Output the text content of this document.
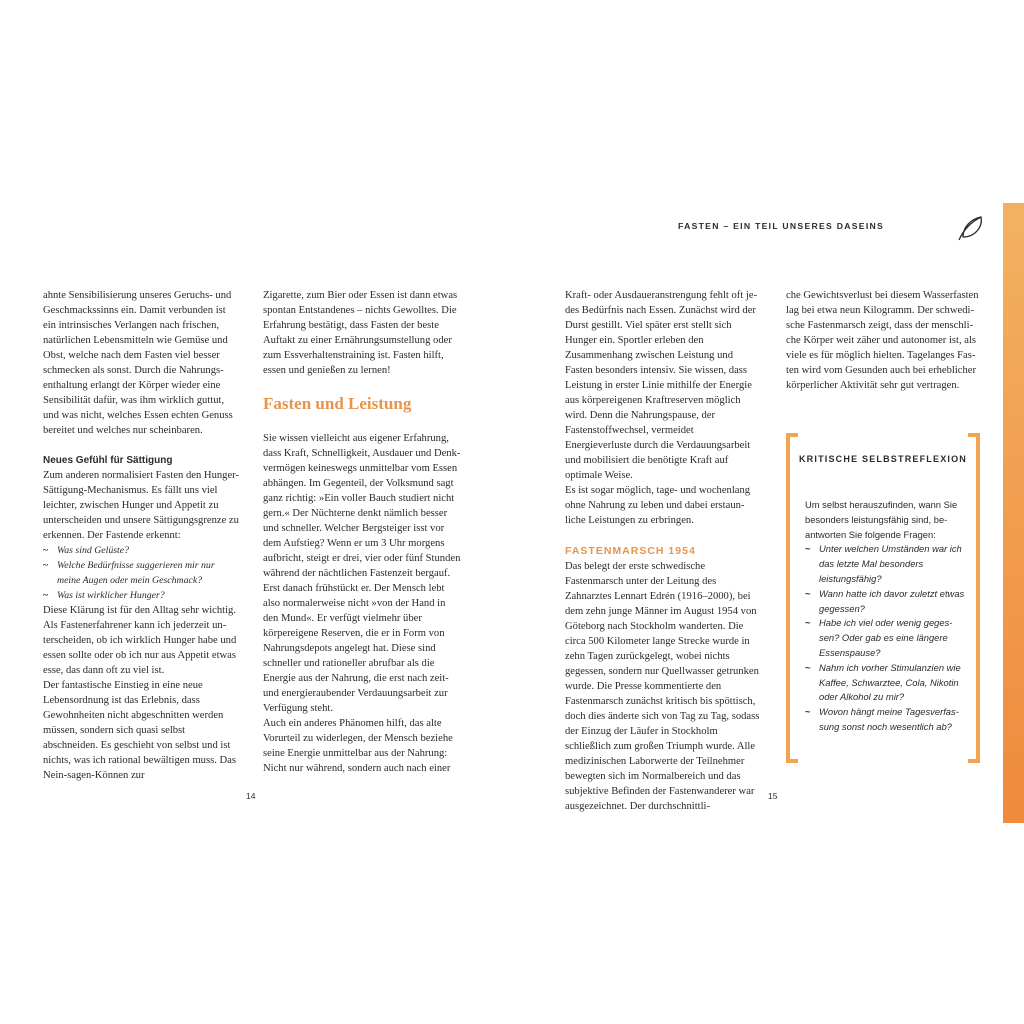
ahnte Sensibilisierung unseres Geruchs- und Geschmackssinns ein. Damit verbunden ist ein intrinsisches Verlangen nach frischen, natürlichen Lebensmitteln wie Gemüse und Obst, welche nach dem Fasten viel besser schmecken als sonst. Durch die Nahrungsenthaltung erlangt der Körper wieder eine Sensibilität dafür, was ihm wirklich guttut, und was nicht, welches Essen echten Genuss bereitet und welches nur scheinbaren.

Neues Gefühl für Sättigung

Zum anderen normalisiert Fasten den Hunger-Sättigung-Mechanismus. Es fällt uns viel leichter, zwischen Hunger und Appetit zu unterscheiden und unsere Sättigungsgrenze zu erkennen. Der Fastende erkennt:

~ Was sind Gelüste?
~ Welche Bedürfnisse suggerieren mir nur meine Augen oder mein Geschmack?
~ Was ist wirklicher Hunger?

Diese Klärung ist für den Alltag sehr wichtig. Als Fastenerfahrener kann ich jederzeit unterscheiden, ob ich wirklich Hunger habe und essen sollte oder ob ich nur aus Appetit etwas esse, das dann oft zu viel ist.

Der fantastische Einstieg in eine neue Lebensordnung ist das Erlebnis, dass Gewohnheiten nicht abgeschnitten werden müssen, sondern sich quasi selbst abschneiden. Es geschieht von selbst und ist nichts, was ich rational bewältigen muss. Das Nein-sagen-Können zur

Zigarette, zum Bier oder Essen ist dann etwas spontan Entstandenes – nichts Gewolltes. Die Erfahrung bestätigt, dass Fasten der beste Auftakt zu einer Ernährungsumstellung oder zum Essverhaltenstraining ist. Fasten hilft, essen und genießen zu lernen!

Fasten und Leistung

Sie wissen vielleicht aus eigener Erfahrung, dass Kraft, Schnelligkeit, Ausdauer und Denkvermögen keineswegs unmittelbar vom Essen abhängen. Im Gegenteil, der Volksmund sagt ganz richtig: »Ein voller Bauch studiert nicht gern.« Der Nüchterne denkt nämlich besser und schneller. Welcher Bergsteiger isst vor dem Aufstieg? Wenn er um 3 Uhr morgens aufbricht, steigt er drei, vier oder fünf Stunden während der nächtlichen Fastenzeit bergauf. Erst danach frühstückt er. Der Mensch lebt also normalerweise nicht »von der Hand in den Mund«. Er verfügt vielmehr über körpereigene Reserven, die er in Form von Nahrungsdepots angelegt hat. Diese sind schneller und rationeller abrufbar als die Energie aus der Nahrung, die erst nach zeit- und energieraubender Verdauungsarbeit zur Verfügung steht.

Auch ein anderes Phänomen hilft, das alte Vorurteil zu widerlegen, der Mensch beziehe seine Energie unmittelbar aus der Nahrung: Nicht nur während, sondern auch nach einer

14
FASTEN – EIN TEIL UNSERES DASEINS

Kraft- oder Ausdaueranstrengung fehlt oft jedes Bedürfnis nach Essen. Zunächst wird der Durst gestillt. Viel später erst stellt sich Hunger ein. Sportler erleben den Zusammenhang zwischen Leistung und Fasten besonders intensiv. Sie wissen, dass Leistung in erster Linie mithilfe der Energie aus körpereigenen Kraftreserven möglich wird. Denn die Nahrungspause, der Fastenstoffwechsel, vermeidet Energieverluste durch die Verdauungsarbeit und mobilisiert die benötigte Kraft auf optimale Weise.

Es ist sogar möglich, tage- und wochenlang ohne Nahrung zu leben und dabei erstaunliche Leistungen zu erbringen.

FASTENMARSCH 1954

Das belegt der erste schwedische Fastenmarsch unter der Leitung des Zahnarztes Lennart Edrén (1916–2000), bei dem zehn junge Männer im August 1954 von Göteborg nach Stockholm wanderten. Die circa 500 Kilometer lange Strecke wurde in zehn Tagen zurückgelegt, wobei nichts gegessen, sondern nur Quellwasser getrunken wurde. Die Presse kommentierte den Fastenmarsch zunächst kritisch bis spöttisch, doch dies änderte sich von Tag zu Tag, sodass der Einzug der Läufer in Stockholm schließlich zum großen Triumph wurde. Alle medizinischen Laborwerte der Teilnehmer bewegten sich im Normalbereich und das subjektive Befinden der Fastenwanderer war ausgezeichnet. Der durchschnittli-

che Gewichtsverlust bei diesem Wasserfasten lag bei etwa neun Kilogramm. Der schwedische Fastenmarsch zeigt, dass der menschliche Körper weit zäher und autonomer ist, als viele es für möglich hielten. Tagelanges Fasten wird vom Gesunden auch bei erheblicher körperlicher Aktivität sehr gut vertragen.

KRITISCHE SELBSTREFLEXION

Um selbst herauszufinden, wann Sie besonders leistungsfähig sind, beantworten Sie folgende Fragen:

~ Unter welchen Umständen war ich das letzte Mal besonders leistungsfähig?
~ Wann hatte ich davor zuletzt etwas gegessen?
~ Habe ich viel oder wenig gegessen? Oder gab es eine längere Essenspause?
~ Nahm ich vorher Stimulanzien wie Kaffee, Schwarztee, Cola, Nikotin oder Alkohol zu mir?
~ Wovon hängt meine Tagesverfassung sonst noch wesentlich ab?
15
